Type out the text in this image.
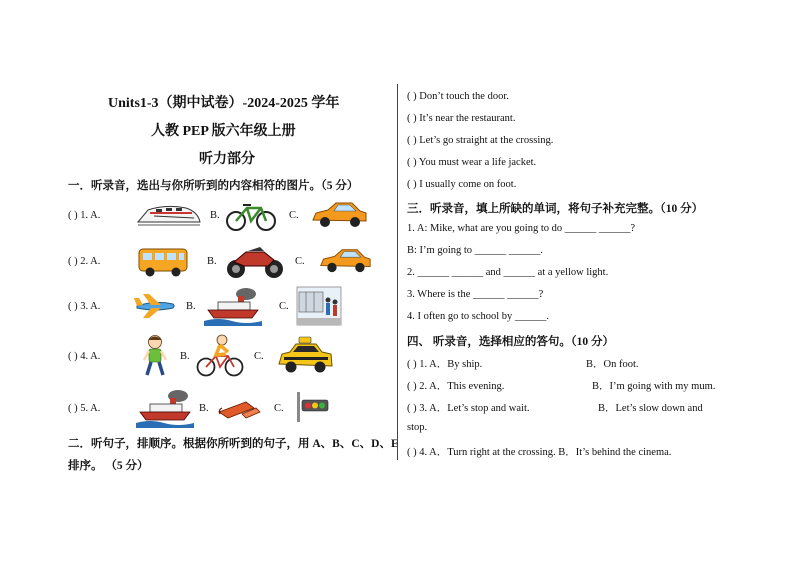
Units1-3（期中试卷）-2024-2025 学年
人教 PEP 版六年级上册
听力部分
一．听录音，选出与你所听到的内容相符的图片。（5 分）
( ) 1. A.	B.	C.
( ) 2. A.	B.	C.
( ) 3. A.	B.	C.
( ) 4. A.	B.	C.
( ) 5. A.	B.	C.
二．听句子，排顺序。根据你所听到的句子，用 A、B、C、D、E
排序。 （5 分）
( ) Don’t touch the door.
( ) It’s near the restaurant.
( ) Let’s go straight at the crossing.
( ) You must wear a life jacket.
( ) I usually come on foot.
三．听录音，填上所缺的单词，将句子补充完整。（10 分）
1. A: Mike, what are you going to do ______ ______?
B: I’m going to ______ ______.
2. ______ ______ and ______ at a yellow light.
3. Where is the ______ ______?
4. I often go to school by ______.
四、 听录音，选择相应的答句。（10 分）
( ) 1. A．By ship.	B．On foot.
( ) 2. A．This evening.	B．I’m going with my mum.
( ) 3. A．Let’s stop and wait.	B．Let’s slow down and
stop.
( ) 4. A．Turn right at the crossing. B．It’s behind the cinema.
